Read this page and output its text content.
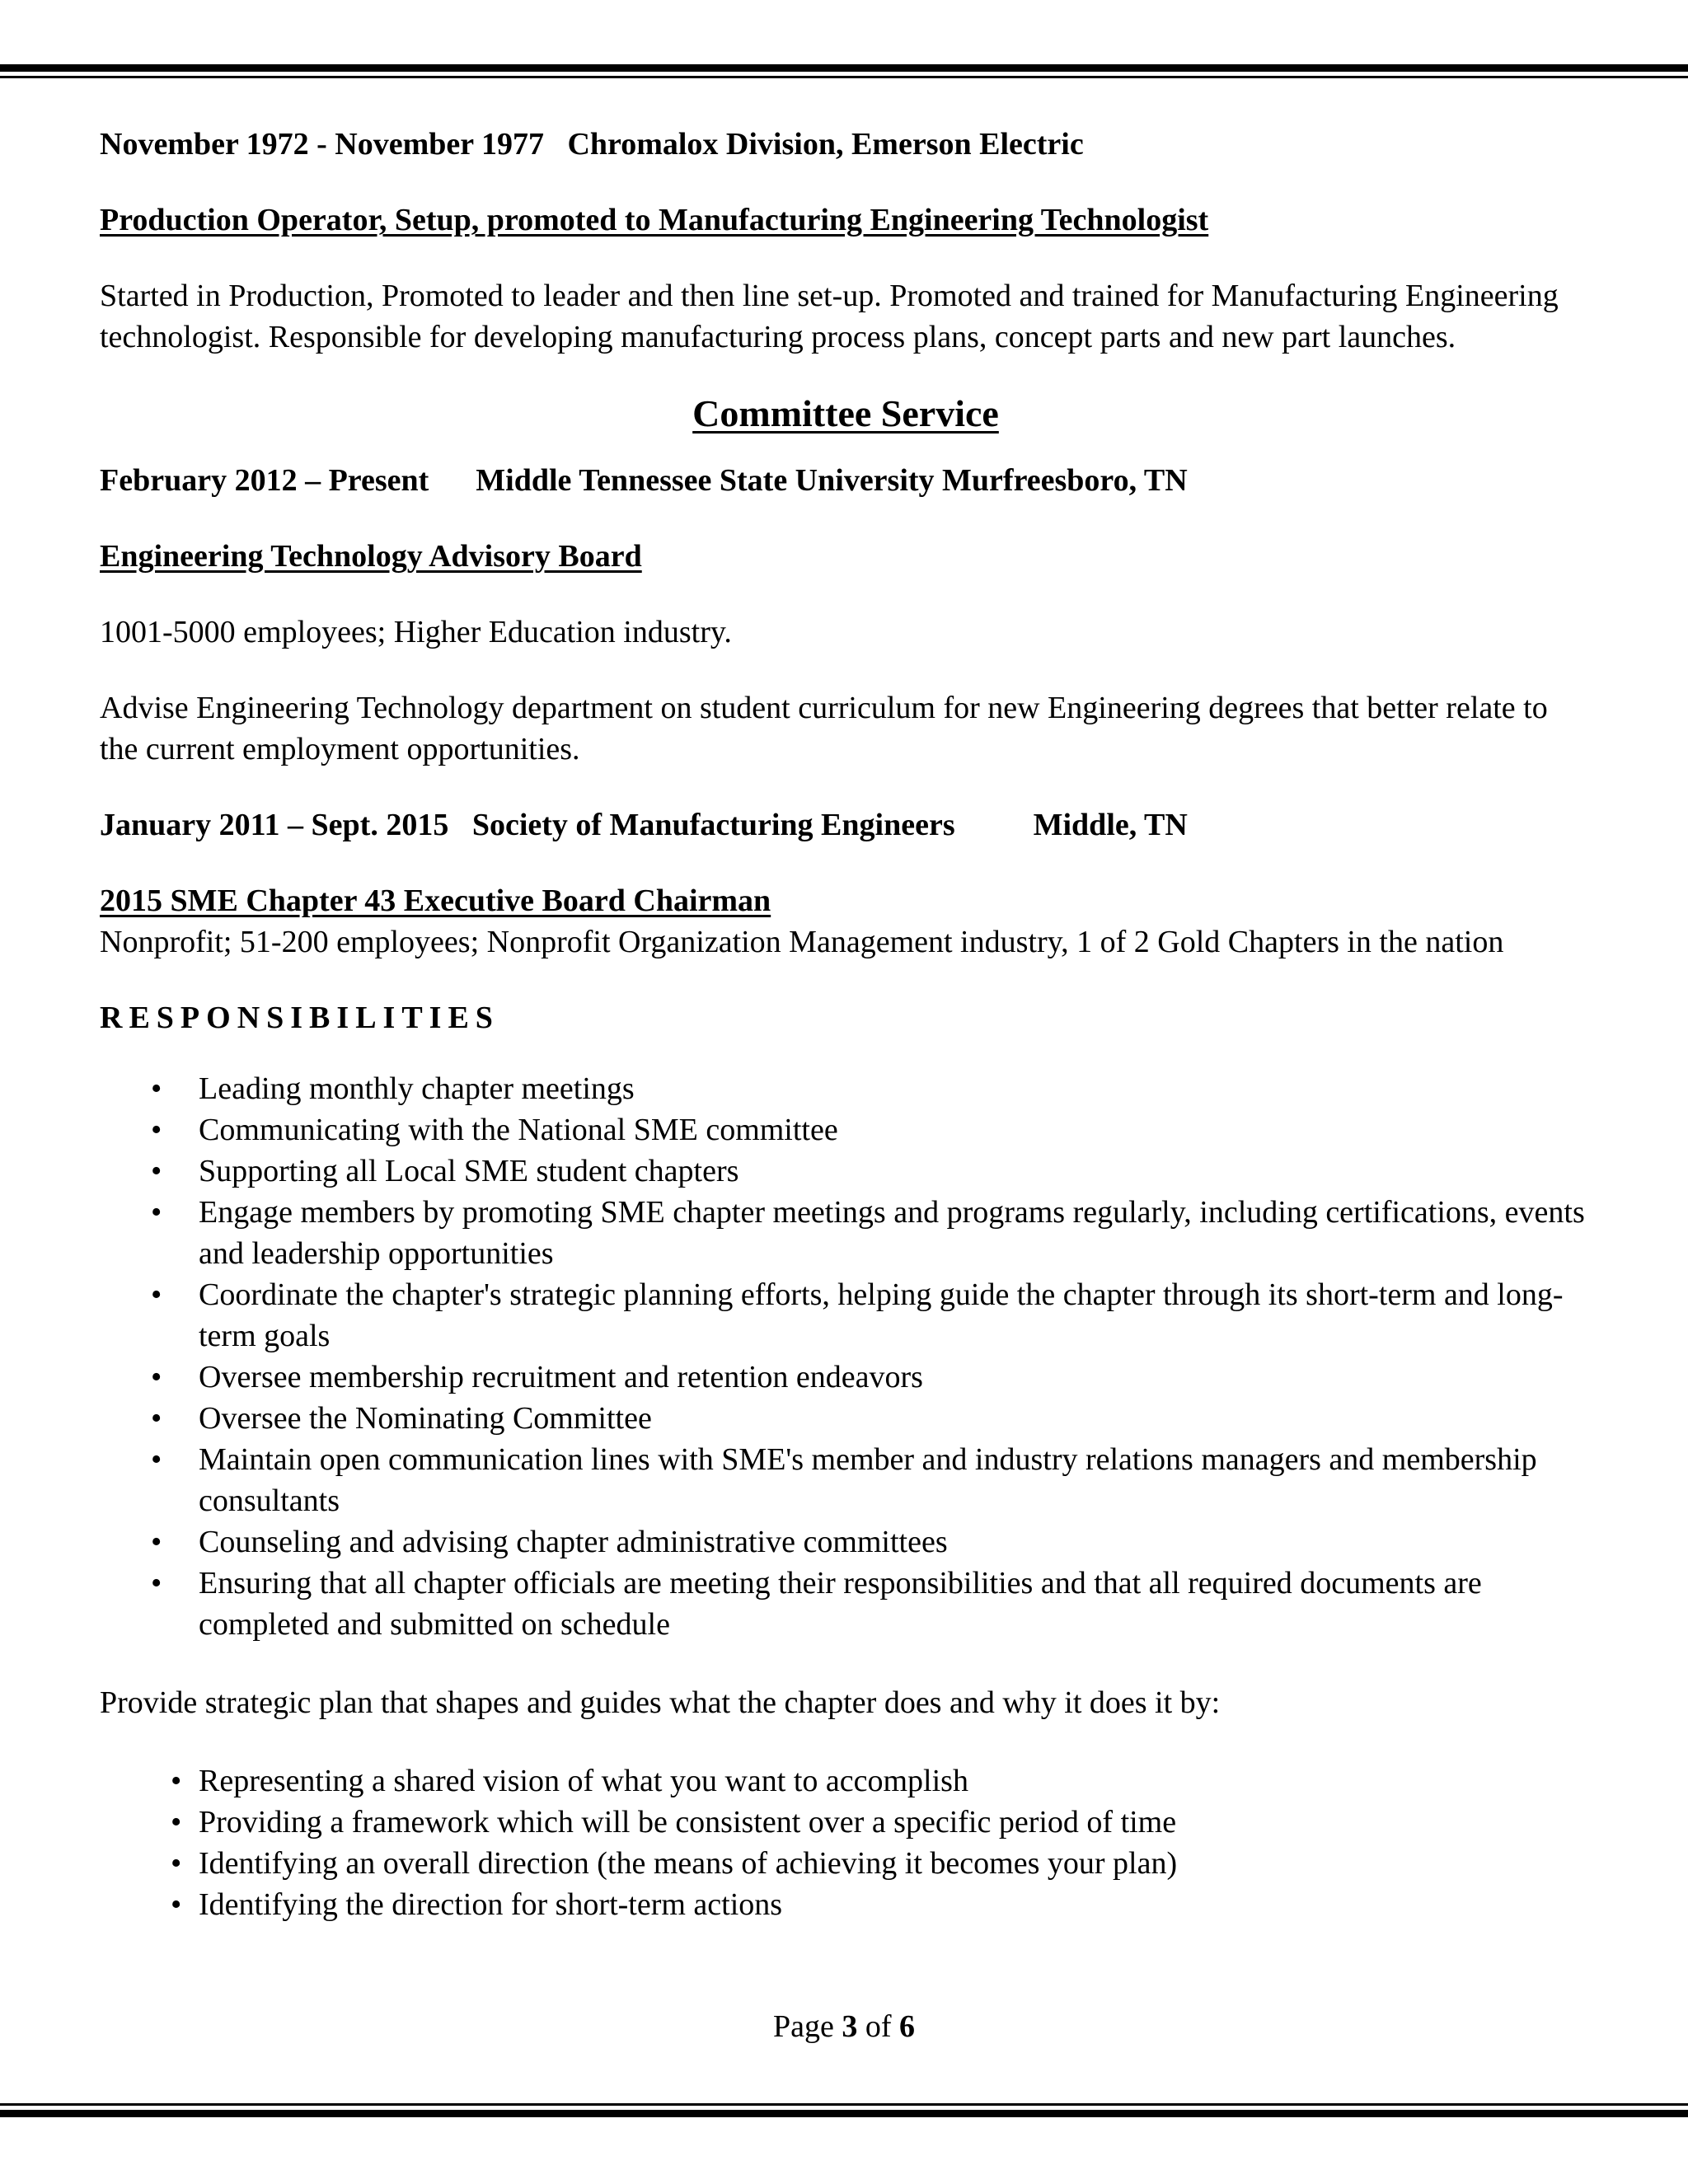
November 1972 - November 1977 Chromalox Division, Emerson Electric

Production Operator, Setup, promoted to Manufacturing Engineering Technologist

Started in Production, Promoted to leader and then line set-up. Promoted and trained for Manufacturing Engineering technologist. Responsible for developing manufacturing process plans, concept parts and new part launches.

Committee Service

February 2012 – Present Middle Tennessee State University Murfreesboro, TN

Engineering Technology Advisory Board

1001-5000 employees; Higher Education industry.

Advise Engineering Technology department on student curriculum for new Engineering degrees that better relate to the current employment opportunities.

January 2011 – Sept. 2015 Society of Manufacturing Engineers	Middle, TN

2015 SME Chapter 43 Executive Board Chairman

Nonprofit; 51-200 employees; Nonprofit Organization Management industry, 1 of 2 Gold Chapters in the nation

RESPONSIBILITIES

• Leading monthly chapter meetings
• Communicating with the National SME committee
• Supporting all Local SME student chapters
• Engage members by promoting SME chapter meetings and programs regularly, including certifications, events and leadership opportunities
• Coordinate the chapter's strategic planning efforts, helping guide the chapter through its short-term and long-term goals
• Oversee membership recruitment and retention endeavors
• Oversee the Nominating Committee
• Maintain open communication lines with SME's member and industry relations managers and membership consultants
• Counseling and advising chapter administrative committees
• Ensuring that all chapter officials are meeting their responsibilities and that all required documents are completed and submitted on schedule

Provide strategic plan that shapes and guides what the chapter does and why it does it by:

• Representing a shared vision of what you want to accomplish
• Providing a framework which will be consistent over a specific period of time
• Identifying an overall direction (the means of achieving it becomes your plan)
• Identifying the direction for short-term actions
Page 3 of 6
